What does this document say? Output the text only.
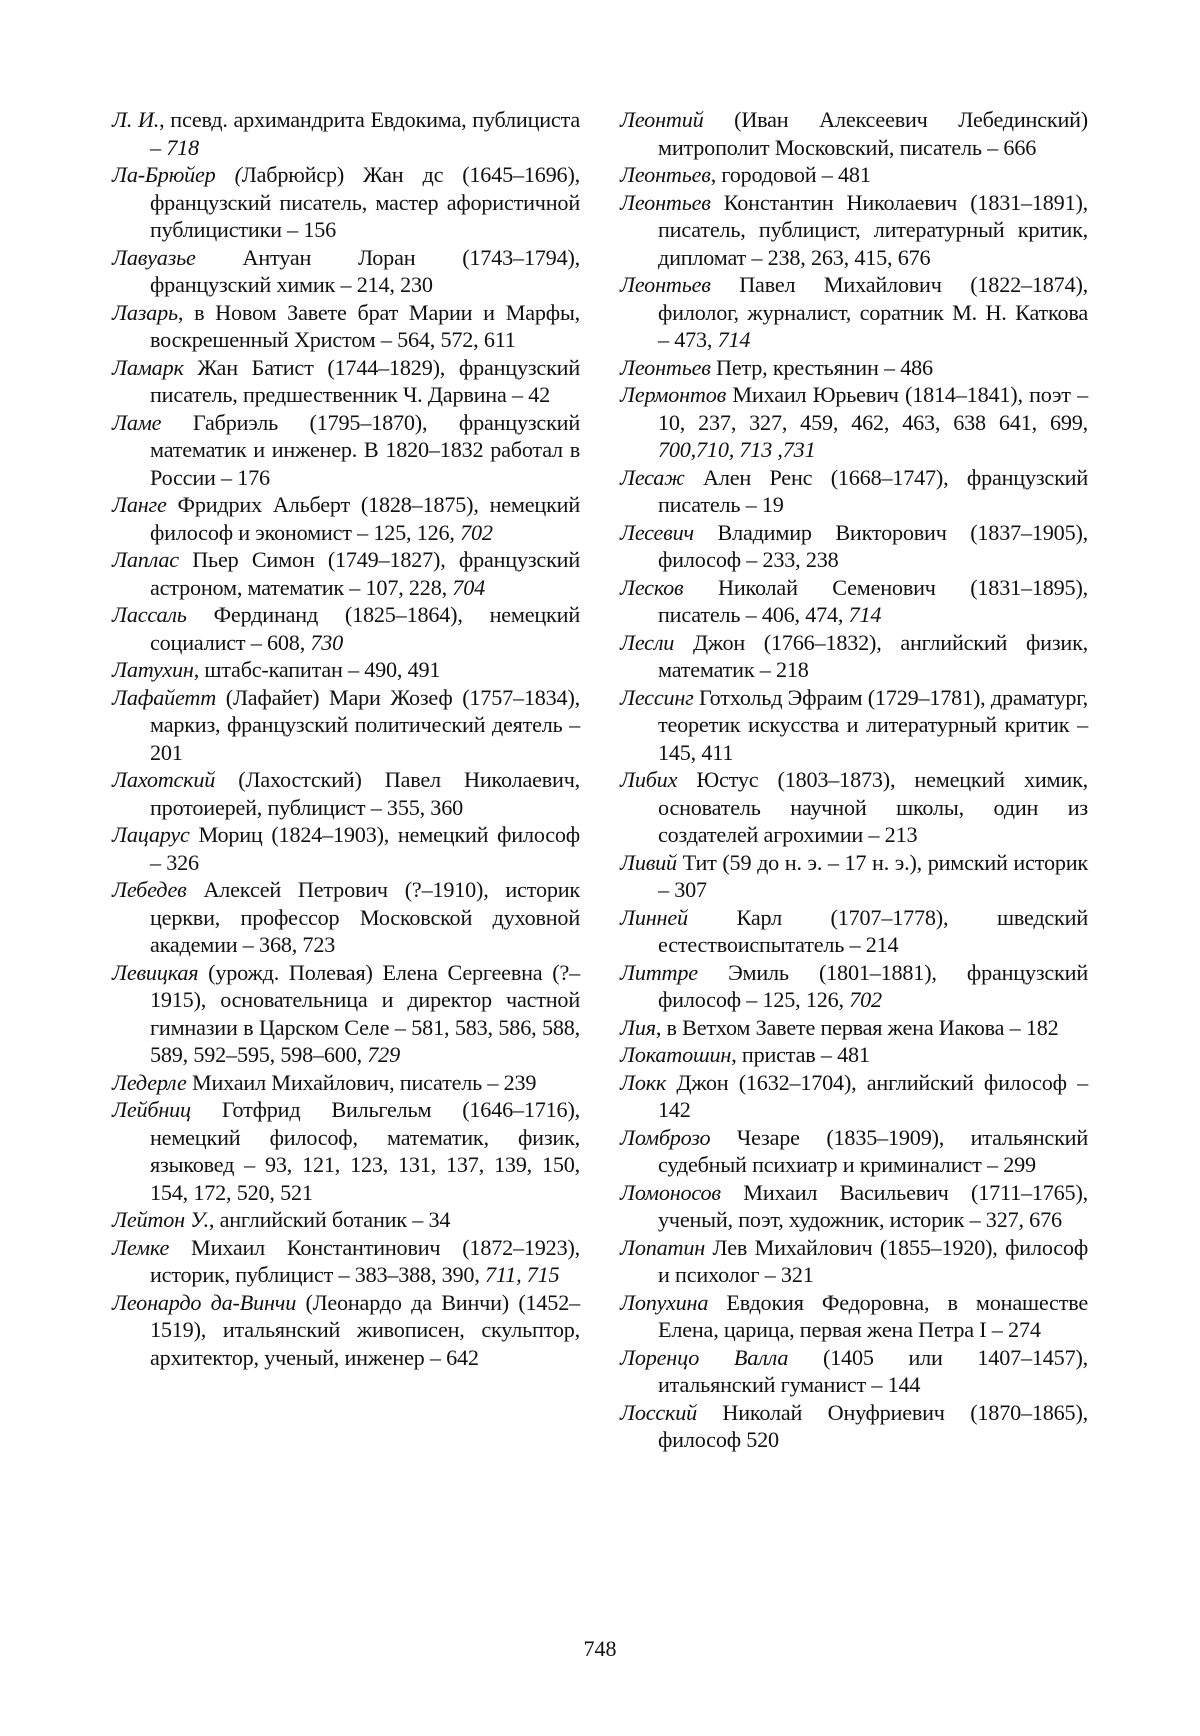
Л. И., псевд. архимандрита Евдокима, публициста – 718

Ла-Брюйер (Лабрюйср) Жан дс (1645–1696), французский писатель, мастер афористичной публицистики – 156

Лавуазье Антуан Лоран (1743–1794), французский химик – 214, 230

Лазарь, в Новом Завете брат Марии и Марфы, воскрешенный Христом – 564, 572, 611

Ламарк Жан Батист (1744–1829), французский писатель, предшественник Ч. Дарвина – 42

Ламе Габриэль (1795–1870), французский математик и инженер. В 1820–1832 работал в России – 176

Ланге Фридрих Альберт (1828–1875), немецкий философ и экономист – 125, 126, 702

Лаплас Пьер Симон (1749–1827), французский астроном, математик – 107, 228, 704

Лассаль Фердинанд (1825–1864), немецкий социалист – 608, 730

Латухин, штабс-капитан – 490, 491

Лафайетт (Лафайет) Мари Жозеф (1757–1834), маркиз, французский политический деятель – 201

Лахотский (Лахостский) Павел Николаевич, протоиерей, публицист – 355, 360

Лацарус Мориц (1824–1903), немецкий философ – 326

Лебедев Алексей Петрович (?–1910), историк церкви, профессор Московской духовной академии – 368, 723

Левицкая (урожд. Полевая) Елена Сергеевна (?–1915), основательница и директор частной гимназии в Царском Селе – 581, 583, 586, 588, 589, 592–595, 598–600, 729

Ледерле Михаил Михайлович, писатель – 239

Лейбниц Готфрид Вильгельм (1646–1716), немецкий философ, математик, физик, языковед – 93, 121, 123, 131, 137, 139, 150, 154, 172, 520, 521

Лейтон У., английский ботаник – 34

Лемке Михаил Константинович (1872–1923), историк, публицист – 383–388, 390, 711, 715

Леонардо да-Винчи (Леонардо да Винчи) (1452–1519), итальянский живописен, скульптор, архитектор, ученый, инженер – 642

Леонтий (Иван Алексеевич Лебединский) митрополит Московский, писатель – 666

Леонтьев, городовой – 481

Леонтьев Константин Николаевич (1831–1891), писатель, публицист, литературный критик, дипломат – 238, 263, 415, 676

Леонтьев Павел Михайлович (1822–1874), филолог, журналист, соратник М. Н. Каткова – 473, 714

Леонтьев Петр, крестьянин – 486

Лермонтов Михаил Юрьевич (1814–1841), поэт – 10, 237, 327, 459, 462, 463, 638 641, 699, 700,710, 713 ,731

Лесаж Ален Ренс (1668–1747), французский писатель – 19

Лесевич Владимир Викторович (1837–1905), философ – 233, 238

Лесков Николай Семенович (1831–1895), писатель – 406, 474, 714

Лесли Джон (1766–1832), английский физик, математик – 218

Лессинг Готхольд Эфраим (1729–1781), драматург, теоретик искусства и литературный критик – 145, 411

Либих Юстус (1803–1873), немецкий химик, основатель научной школы, один из создателей агрохимии – 213

Ливий Тит (59 до н. э. – 17 н. э.), римский историк – 307

Линней Карл (1707–1778), шведский естествоиспытатель – 214

Литтре Эмиль (1801–1881), французский философ – 125, 126, 702

Лия, в Ветхом Завете первая жена Иакова – 182

Локатошин, пристав – 481

Локк Джон (1632–1704), английский философ – 142

Ломброзо Чезаре (1835–1909), итальянский судебный психиатр и криминалист – 299

Ломоносов Михаил Васильевич (1711–1765), ученый, поэт, художник, историк – 327, 676

Лопатин Лев Михайлович (1855–1920), философ и психолог – 321

Лопухина Евдокия Федоровна, в монашестве Елена, царица, первая жена Петра I – 274

Лоренцо Валла (1405 или 1407–1457), итальянский гуманист – 144

Лосский Николай Онуфриевич (1870–1865), философ 520

748
